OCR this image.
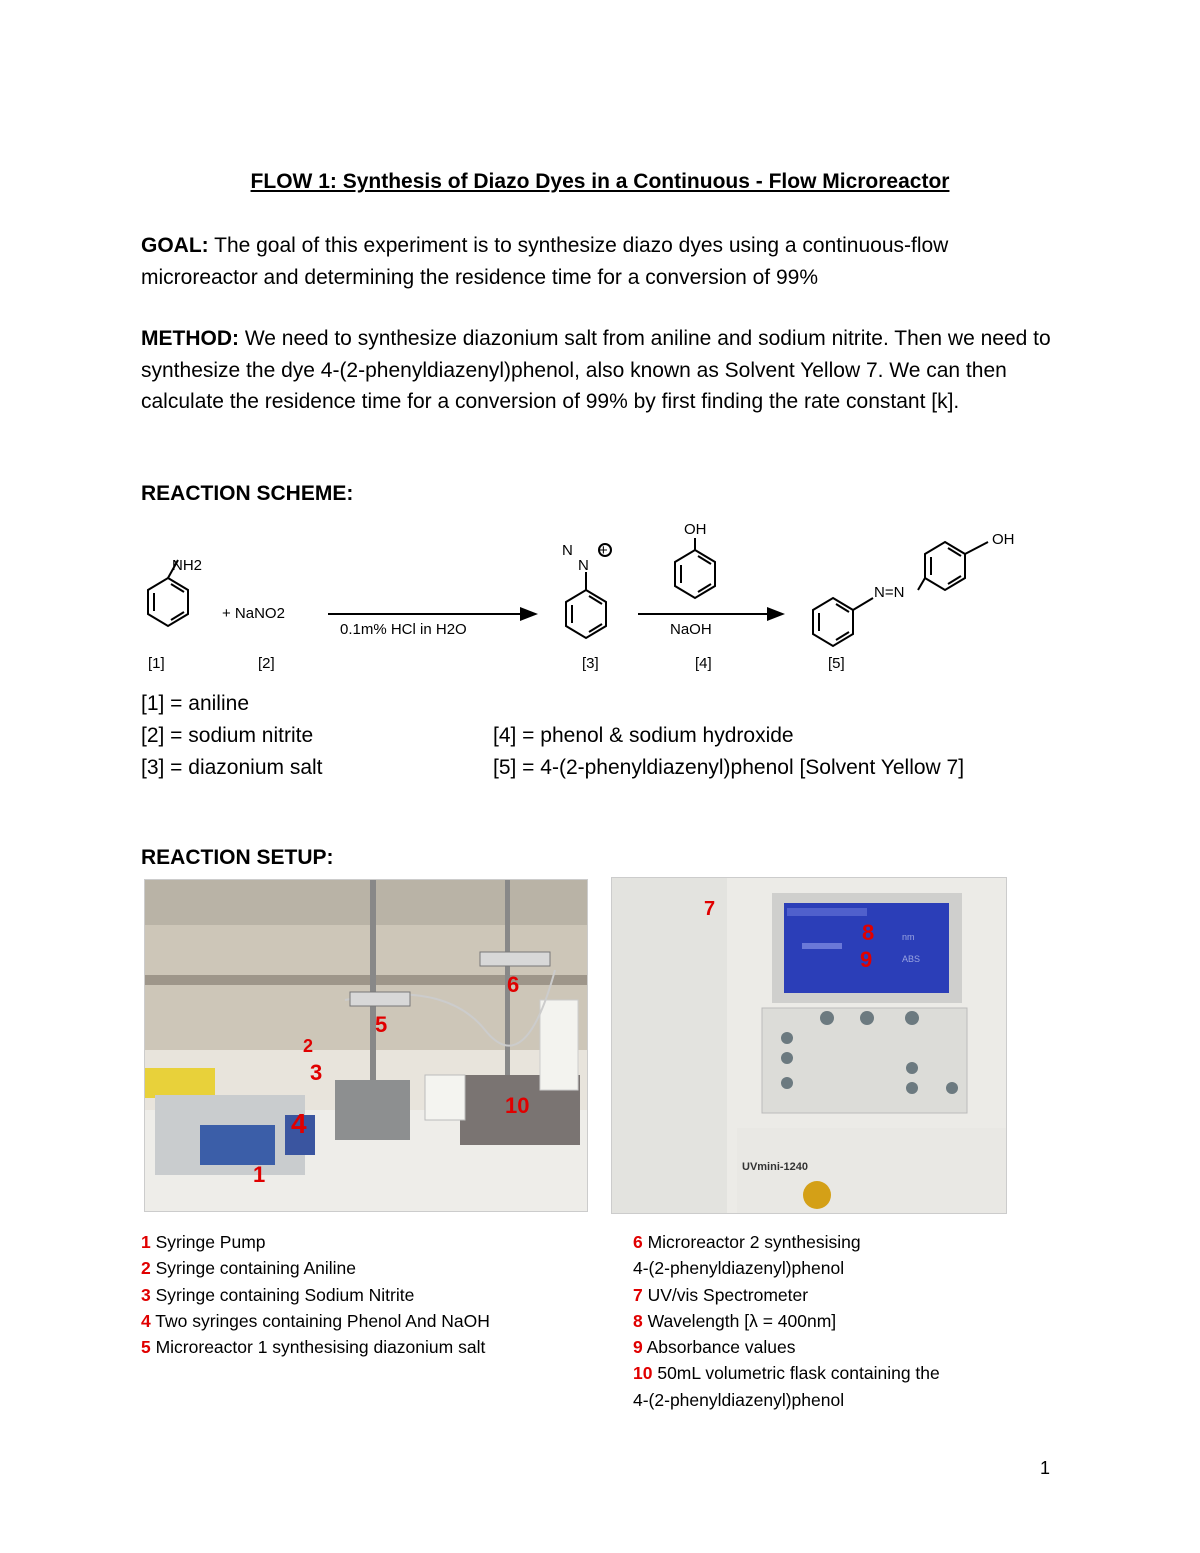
FLOW 1: Synthesis of Diazo Dyes in a Continuous - Flow Microreactor
GOAL: The goal of this experiment is to synthesize diazo dyes using a continuous-flow microreactor and determining the residence time for a conversion of 99%
METHOD: We need to synthesize diazonium salt from aniline and sodium nitrite. Then we need to synthesize the dye 4-(2-phenyldiazenyl)phenol, also known as Solvent Yellow 7. We can then calculate the residence time for a conversion of 99% by first finding the rate constant [k].
REACTION SCHEME:
NH2
+ NaNO2
0.1m% HCl in H2O
N
N
+
OH
NaOH
N=N
OH
[1]	[2]	[3]	[4]	[5]
[1] = aniline
[2] = sodium nitrite
[3] = diazonium salt
[4] = phenol & sodium hydroxide
[5] = 4-(2-phenyldiazenyl)phenol [Solvent Yellow 7]
REACTION SETUP:
1
2
3
4
5
6
10
UVmini-1240
nm
ABS
7
8
9
1 Syringe Pump
2 Syringe containing Aniline
3 Syringe containing Sodium Nitrite
4 Two syringes containing Phenol And NaOH
5 Microreactor 1 synthesising diazonium salt
6 Microreactor 2 synthesising
4-(2-phenyldiazenyl)phenol
7 UV/vis Spectrometer
8 Wavelength [λ = 400nm]
9 Absorbance values
10 50mL volumetric flask containing the
4-(2-phenyldiazenyl)phenol
1
